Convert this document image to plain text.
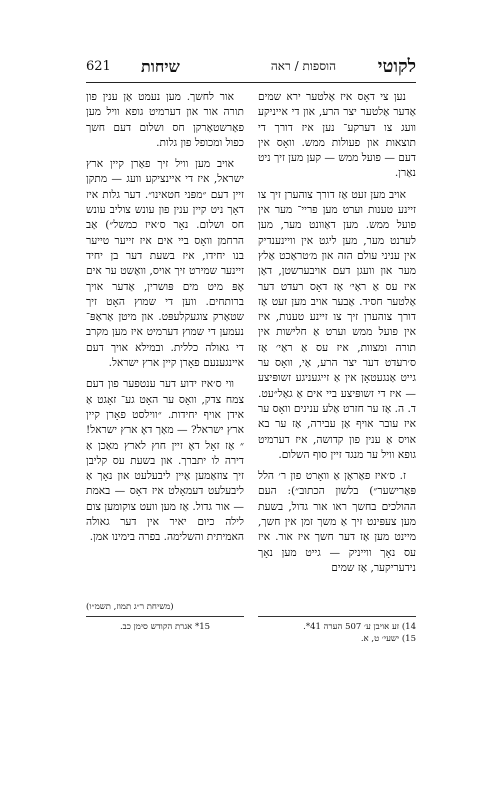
621 שיחות	הוספות / ראה לקוטי

נען צי דאָס איז אַלטער ירא שמים אַדער אַלטער יצר הרע, און די אייניקע וועג צו דערקע־ נען איז דורך די תוצאות און פעולות ממש. וואָס אין דעם — פועל ממש — קען מען זיך ניט נאַרן.

אויב מען זעט אַז דורך צוהערן זיך צו זיינע טענות וערט מען פריי־ מער אין פועל ממש. מען דאַוונט מער, מען לערנט מער, מען ליגט אין וויינענדיק אין עניני עולם הזה און מ׳טראַכט אַלץ מער און וועגן דעם אויבערשטן, דאַן איז עס אַ ראַי׳ אַז דאָס רעדט דער אַלטער חסיד. אַבער אויב מען זעט אַז דורך צוהערן זיך צו זיינע טענות, איז אין פועל ממש וערט אַ חלישות אין תורה ומצוות, איז עס אַ ראַי׳ אַז ס׳רעדט דער יצר הרע, אַי, וואָס ער גייט אַנגעטאָן אין אַ זייגעניגע זשופּיצע — איז די זשופּיצע ביי אים אַ גאַל״עט. ד. ה. אַז ער חזרט אַלע ענינים וואָס ער איז עובר אויף אַן עבירה, אַז ער בא אויס אַ ענין פון קדושה, איז דערמיט גופא וויל ער מנגד זיין סוף השלום.

ז. ס׳איז פאַראַן אַ וואָרט פון ר׳ הלל פּאַרישער״) בלשון הכתוב״): העם ההולכים בחשך ראו אור גדול, בשעת מען צעפּינט זיך אַ משך זמן אין חשך, מיינט מען אַז דער חשך איז אור. איז עס נאָך ווייניק — גייט מען נאָך נידעריקער, אַז שמים

אור לחשך. מען נעמט אַן ענין פון תורה אור און דערמיט גופא וויל מען פאַרשטאַרקן חס ושלום דעם חשך כפול ומכופל פון גלות.

אויב מען וויל זיך פאַרן קיין ארץ ישראל, איז די איינציקע וועג — מתקן זיין דעם ״מפּני חטאינו״. דער גלות איז דאָך ניט קיין ענין פון עונש צוליב עונש חס ושלום. נאָר ס׳איז כמשל״) אַב הרחמן וואָס ביי אים איז זייער טייער בנו יחידו, איז בשעת דער בן יחיד זיינער שמירט זיך אויס, וואַשט ער אים אָפּ מיט מים פּושרין, אַדער אויך ברותחים. ווען די שמוץ האָט זיך שטאַרק צוגעקלעפּט. און מיטן אַראַפּ־ נעמען די שמוץ דערמיט איז מען מקרב די גאולה כללית. ובמילא אויך דעם איינגענעם פאָרן קיין ארץ ישראל.

ווי ס׳איז ידוע דער ענטפער פון דעם צמח צדק, וואָס ער האָט גע־ זאָגט אַ אידן אויף יחידות. ״ווילסט פאָרן קיין ארץ ישראל? — מאַך דאָ ארץ ישראל!״ אַז זאָל דאָ זיין חוץ לארץ מאַכן אַ דירה לו יתברך. און בשעת עס קליבן זיך צוזאַמען אַיין ליבעלעט און נאָך אַ ליבעלעט דעמאָלט איז דאָס — באמת — אור גדול. אַז מען וועט צוקומען צום לילה כיום יאיר אין דער גאולה האמיתית והשלימה. בפרה בימינו אמן.

(משיחת ר״ג תמוז, תשמ״ו)
14) זע אויבן ע׳ 507 הערה 41*.
15) ישעי׳ ט, א.
15* אגרת הקודש סימן כב.
